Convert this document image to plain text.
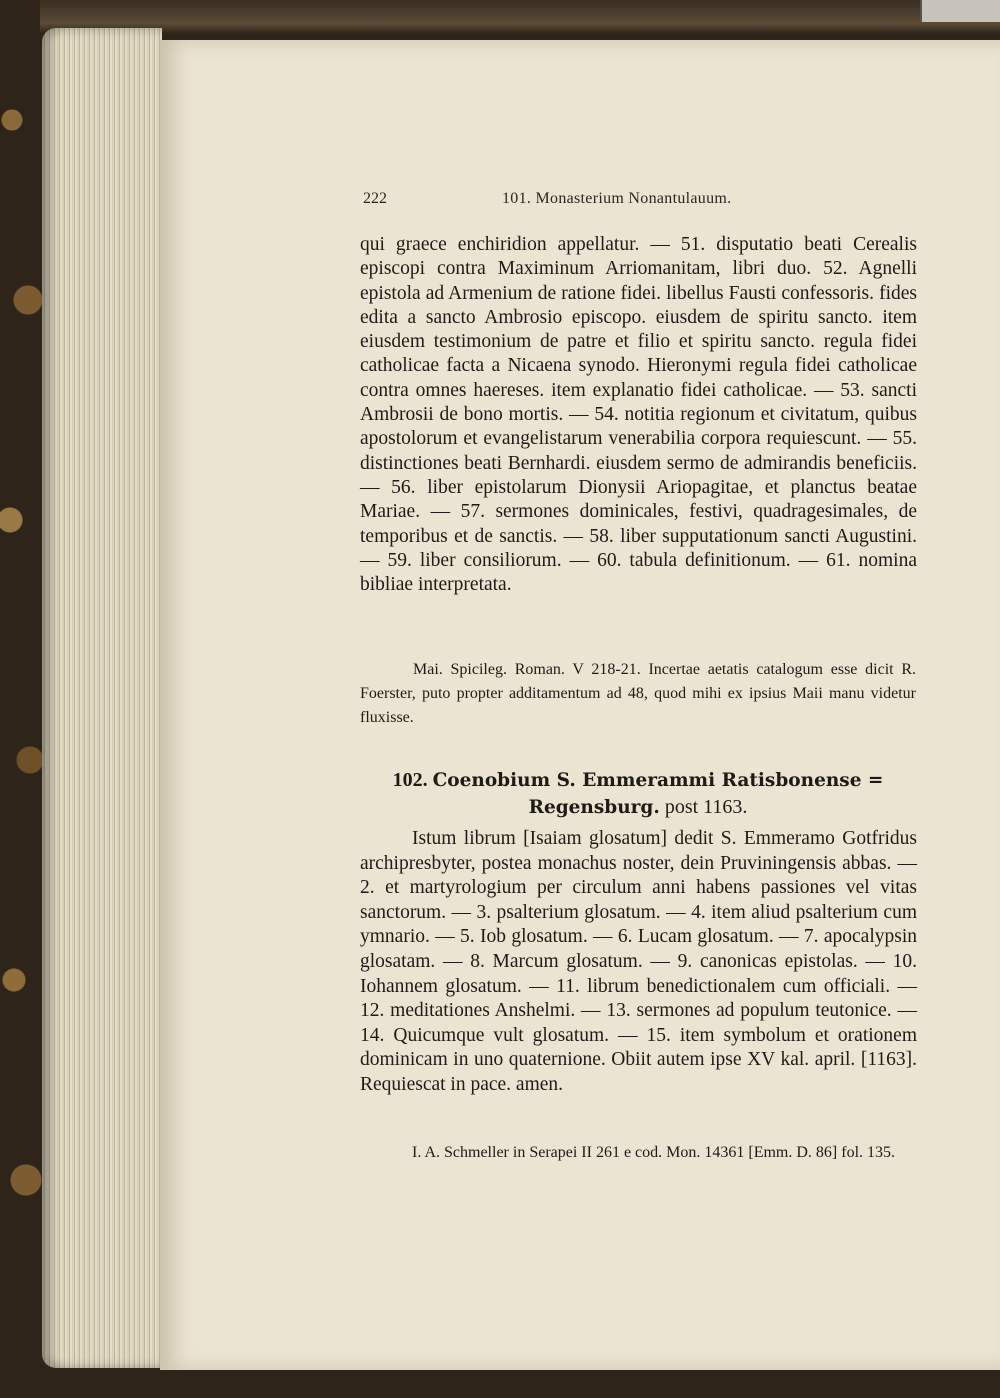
222	101. Monasterium Nonantulauum.

qui graece enchiridion appellatur. — 51. disputatio beati Cerealis episcopi contra Maximinum Arriomanitam, libri duo. 52. Agnelli epistola ad Armenium de ratione fidei. libellus Fausti confessoris. fides edita a sancto Ambrosio episcopo. eiusdem de spiritu sancto. item eiusdem testimonium de patre et filio et spiritu sancto. regula fidei catholicae facta a Nicaena synodo. Hieronymi regula fidei catholicae contra omnes haereses. item explanatio fidei catholicae. — 53. sancti Ambrosii de bono mortis. — 54. notitia regionum et civitatum, quibus apostolorum et evangelistarum venerabilia corpora requiescunt. — 55. distinctiones beati Bernhardi. eiusdem sermo de admirandis beneficiis. — 56. liber epistolarum Dionysii Ariopagitae, et planctus beatae Mariae. — 57. sermones dominicales, festivi, quadragesimales, de temporibus et de sanctis. — 58. liber supputationum sancti Augustini. — 59. liber consiliorum. — 60. tabula definitionum. — 61. nomina bibliae interpretata.

Mai. Spicileg. Roman. V 218-21. Incertae aetatis catalogum esse dicit R. Foerster, puto propter additamentum ad 48, quod mihi ex ipsius Maii manu videtur fluxisse.

102. Coenobium S. Emmerammi Ratisbonense = Regensburg. post 1163.

Istum librum [Isaiam glosatum] dedit S. Emmeramo Gotfridus archipresbyter, postea monachus noster, dein Pruviningensis abbas. — 2. et martyrologium per circulum anni habens passiones vel vitas sanctorum. — 3. psalterium glosatum. — 4. item aliud psalterium cum ymnario. — 5. Iob glosatum. — 6. Lucam glosatum. — 7. apocalypsin glosatam. — 8. Marcum glosatum. — 9. canonicas epistolas. — 10. Iohannem glosatum. — 11. librum benedictionalem cum officiali. — 12. meditationes Anshelmi. — 13. sermones ad populum teutonice. — 14. Quicumque vult glosatum. — 15. item symbolum et orationem dominicam in uno quaternione. Obiit autem ipse XV kal. april. [1163]. Requiescat in pace. amen.

I. A. Schmeller in Serapei II 261 e cod. Mon. 14361 [Emm. D. 86] fol. 135.
